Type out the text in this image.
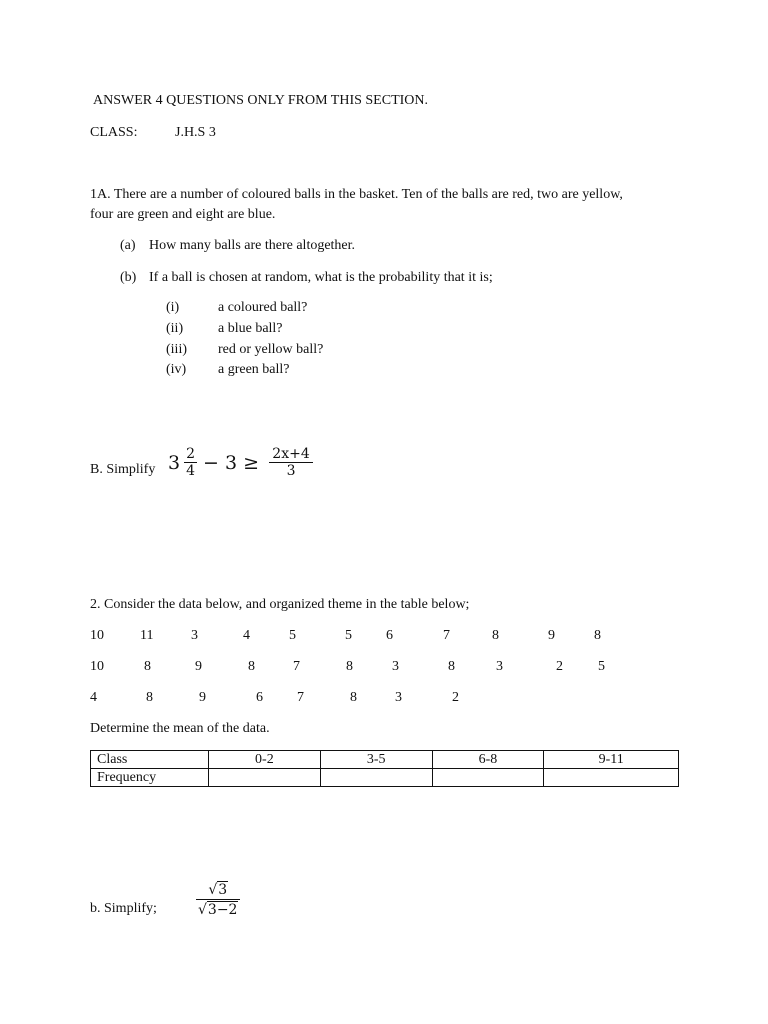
ANSWER 4 QUESTIONS ONLY FROM THIS SECTION.
CLASS:	J.H.S 3
1A. There are a number of coloured balls in the basket. Ten of the balls are red, two are yellow,
four are green and eight are blue.
(a) How many balls are there altogether.
(b) If a ball is chosen at random, what is the probability that it is;
(i)	a coloured ball?
(ii) a blue ball?
(iii) red or yellow ball?
(iv) a green ball?
B. Simplify $3 \frac{2}{4} - 3 \ge \frac{2x+4}{3}$
2. Consider the data below, and organized theme in the table below;
10	11	3	4	5	5 6	7	8	9	8
10	8	9	8	7	8	3	8	3	2	5
4	8	9	6 7	8	3	2
Determine the mean of the data.
Class	0-2	3-5	6-8	9-11
Frequency				
b. Simplify;	$\frac{√3}{√3-2}$
